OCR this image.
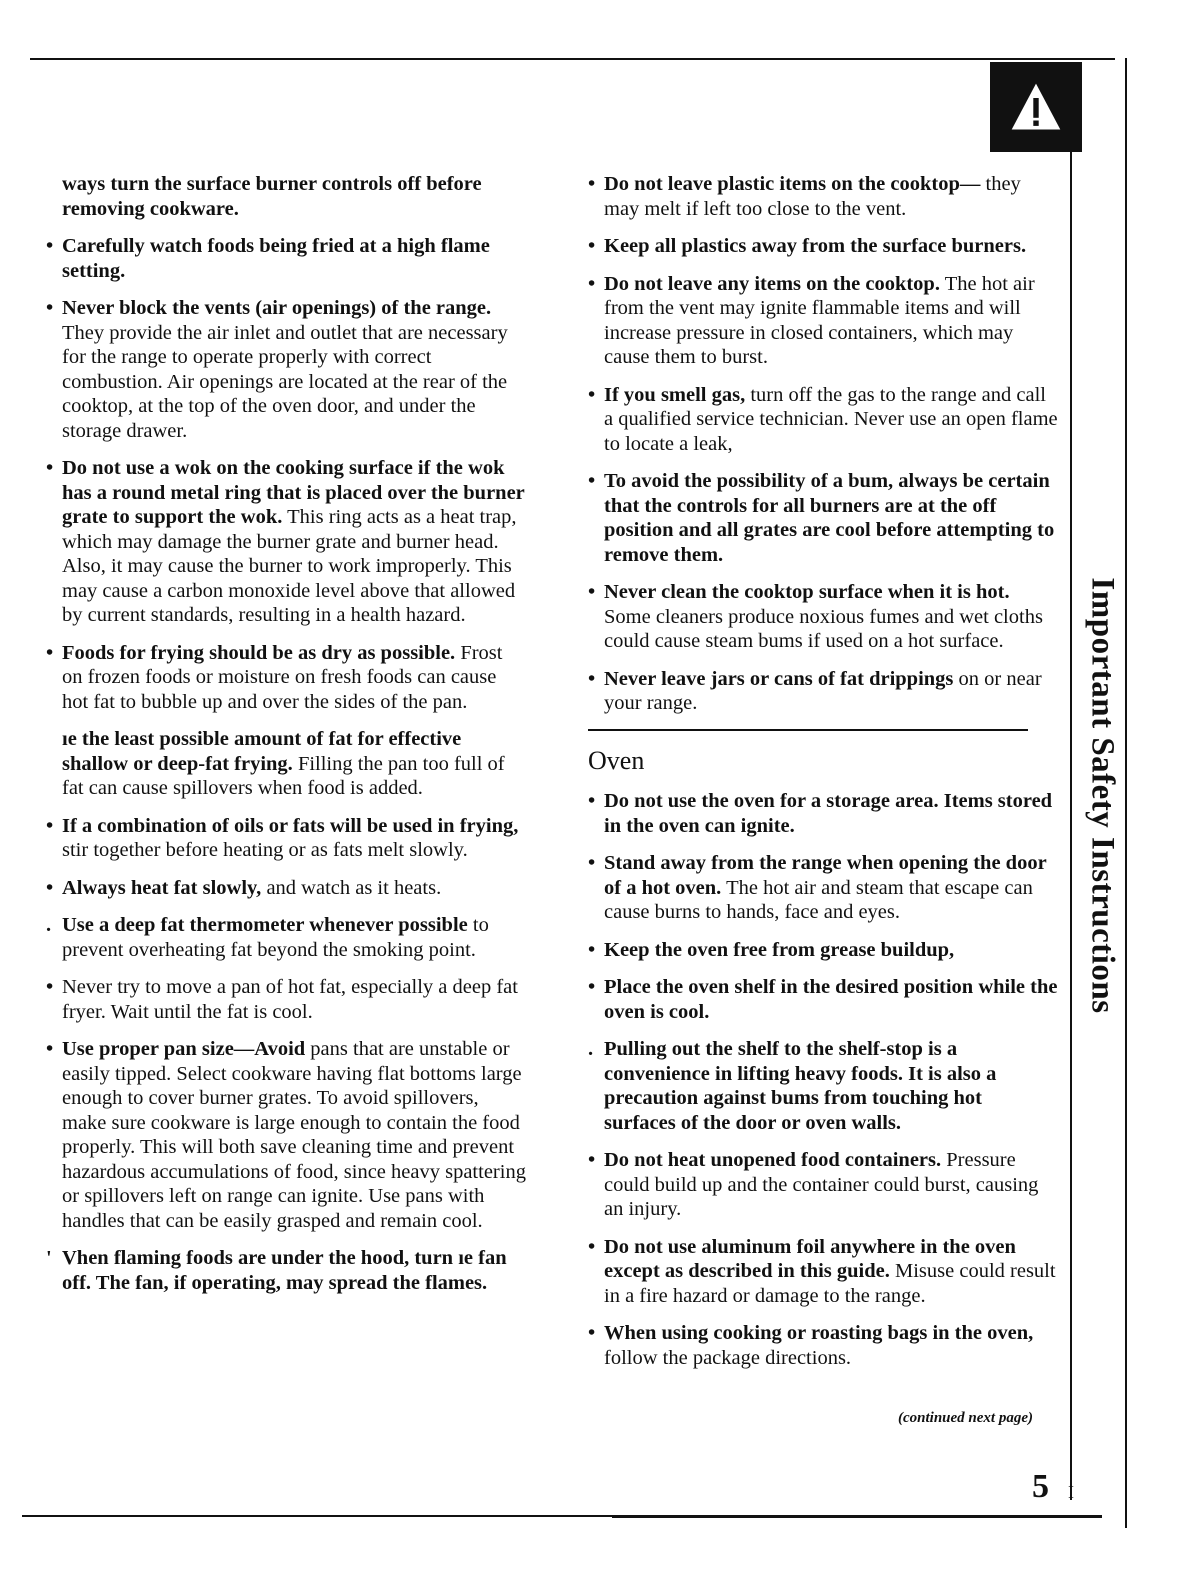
Important Safety Instructions
ways turn the surface burner controls off before removing cookware.
• Carefully watch foods being fried at a high flame setting.
• Never block the vents (air openings) of the range. They provide the air inlet and outlet that are necessary for the range to operate properly with correct combustion. Air openings are located at the rear of the cooktop, at the top of the oven door, and under the storage drawer.
• Do not use a wok on the cooking surface if the wok has a round metal ring that is placed over the burner grate to support the wok. This ring acts as a heat trap, which may damage the burner grate and burner head. Also, it may cause the burner to work improperly. This may cause a carbon monoxide level above that allowed by current standards, resulting in a health hazard.
• Foods for frying should be as dry as possible. Frost on frozen foods or moisture on fresh foods can cause hot fat to bubble up and over the sides of the pan.
ıe the least possible amount of fat for effective shallow or deep-fat frying. Filling the pan too full of fat can cause spillovers when food is added.
• If a combination of oils or fats will be used in frying, stir together before heating or as fats melt slowly.
• Always heat fat slowly, and watch as it heats.
. Use a deep fat thermometer whenever possible to prevent overheating fat beyond the smoking point.
• Never try to move a pan of hot fat, especially a deep fat fryer. Wait until the fat is cool.
• Use proper pan size—Avoid pans that are unstable or easily tipped. Select cookware having flat bottoms large enough to cover burner grates. To avoid spillovers, make sure cookware is large enough to contain the food properly. This will both save cleaning time and prevent hazardous accumulations of food, since heavy spattering or spillovers left on range can ignite. Use pans with handles that can be easily grasped and remain cool.
' Vhen flaming foods are under the hood, turn ıe fan off. The fan, if operating, may spread the flames.
• Do not leave plastic items on the cooktop— they may melt if left too close to the vent.
• Keep all plastics away from the surface burners.
• Do not leave any items on the cooktop. The hot air from the vent may ignite flammable items and will increase pressure in closed containers, which may cause them to burst.
• If you smell gas, turn off the gas to the range and call a qualified service technician. Never use an open flame to locate a leak,
• To avoid the possibility of a bum, always be certain that the controls for all burners are at the off position and all grates are cool before attempting to remove them.
• Never clean the cooktop surface when it is hot. Some cleaners produce noxious fumes and wet cloths could cause steam bums if used on a hot surface.
• Never leave jars or cans of fat drippings on or near your range.
Oven
• Do not use the oven for a storage area. Items stored in the oven can ignite.
• Stand away from the range when opening the door of a hot oven. The hot air and steam that escape can cause burns to hands, face and eyes.
• Keep the oven free from grease buildup,
• Place the oven shelf in the desired position while the oven is cool.
. Pulling out the shelf to the shelf-stop is a convenience in lifting heavy foods. It is also a precaution against bums from touching hot surfaces of the door or oven walls.
• Do not heat unopened food containers. Pressure could build up and the container could burst, causing an injury.
• Do not use aluminum foil anywhere in the oven except as described in this guide. Misuse could result in a fire hazard or damage to the range.
• When using cooking or roasting bags in the oven, follow the package directions.
(continued next page)
5 I
